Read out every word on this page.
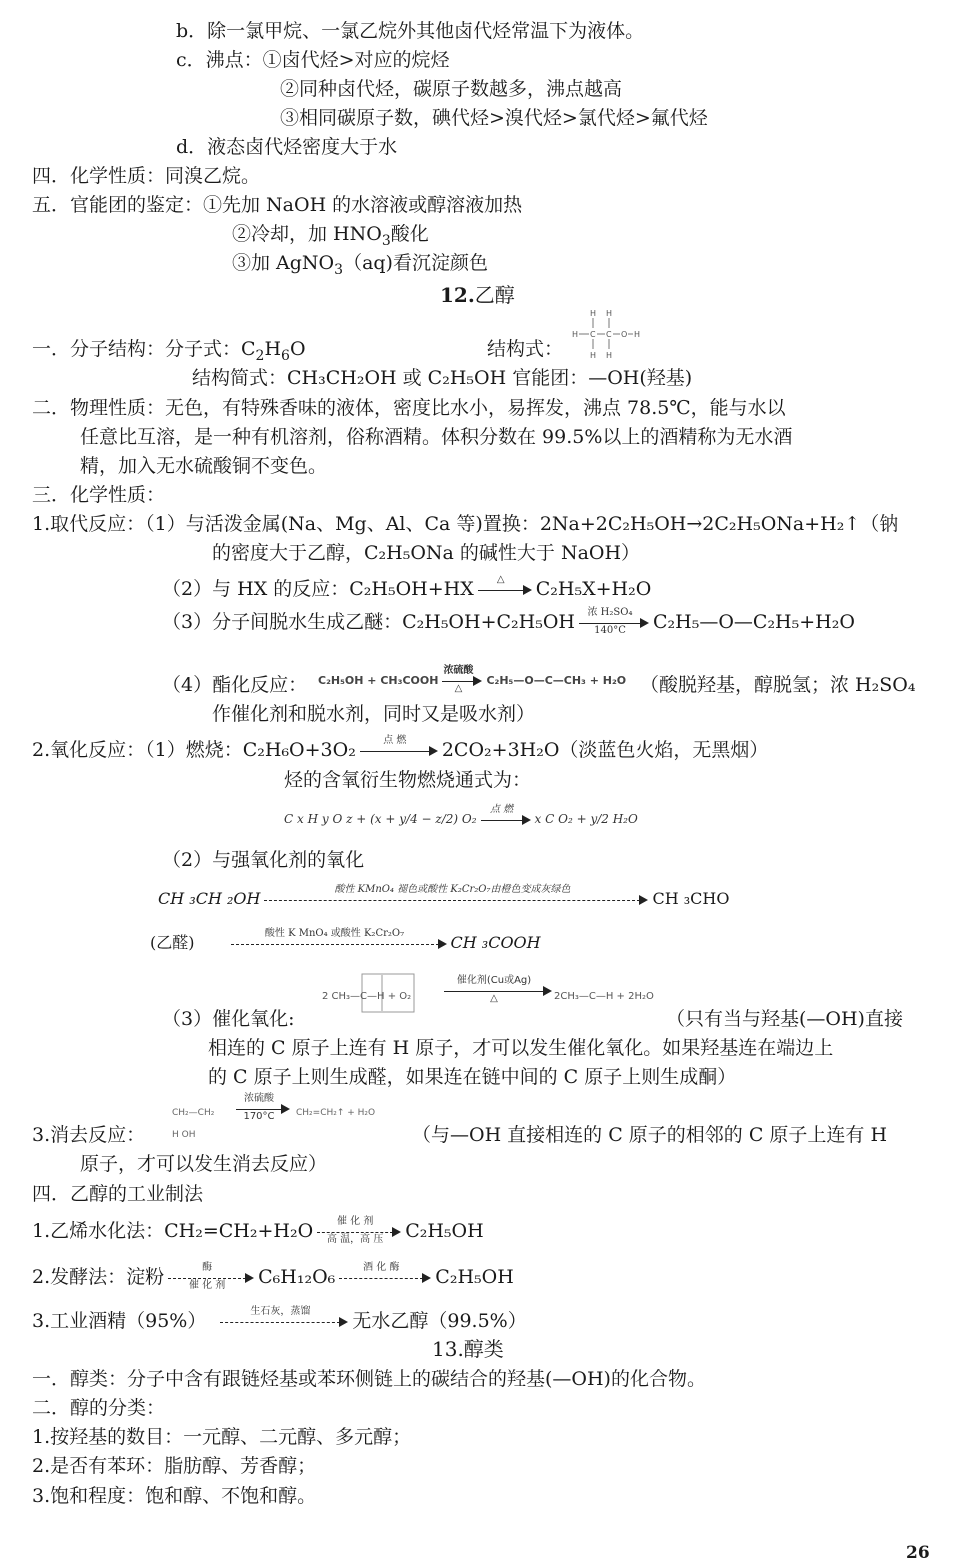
b．除一氯甲烷、一氯乙烷外其他卤代烃常温下为液体。
c．沸点：①卤代烃>对应的烷烃
②同种卤代烃，碳原子数越多，沸点越高
③相同碳原子数，碘代烃>溴代烃>氯代烃>氟代烃
d．液态卤代烃密度大于水
四．化学性质：同溴乙烷。
五．官能团的鉴定：①先加 NaOH 的水溶液或醇溶液加热
②冷却，加 $HNO_3$酸化
③加 AgNO$_3$（aq)看沉淀颜色
12.乙醇
一．分子结构：分子式：$C_2H_6O$	结构式：
H C C O H
H H
H H
结构简式：CH₃CH₂OH 或 C₂H₅OH 官能团：—OH(羟基)
二．物理性质：无色，有特殊香味的液体，密度比水小，易挥发，沸点 78.5℃，能与水以
任意比互溶，是一种有机溶剂，俗称酒精。体积分数在 99.5%以上的酒精称为无水酒
精，加入无水硫酸铜不变色。
三．化学性质：
1.取代反应：（1）与活泼金属(Na、Mg、Al、Ca 等)置换：2Na+2C₂H₅OH→2C₂H₅ONa+H₂↑（钠
的密度大于乙醇，C₂H₅ONa 的碱性大于 NaOH）
（2）与 HX 的反应：C₂H₅OH+HX	△	C₂H₅X+H₂O
（3）分子间脱水生成乙醚：C₂H₅OH+C₂H₅OH	浓 H₂SO₄
140°C	C₂H₅—O—C₂H₅+H₂O
（4）酯化反应： C₂H₅OH + CH₃COOH
浓硫酸
△
C₂H₅—O—C—CH₃ + H₂O （酸脱羟基，醇脱氢；浓 H₂SO₄
作催化剂和脱水剂，同时又是吸水剂）
2.氧化反应：（1）燃烧：C₂H₆O+3O₂	点 燃	2CO₂+3H₂O（淡蓝色火焰，无黑烟）
烃的含氧衍生物燃烧通式为：
C x H y O z + (x + y/4 − z/2) O₂
点 燃
x C O₂ + y/2 H₂O
（2）与强氧化剂的氧化
CH ₃CH ₂OH	酸性 KMnO₄ 褪色或酸性 K₂Cr₂O₇由橙色变成灰绿色	CH ₃CHO
(乙醛)	酸性 K MnO₄ 或酸性 K₂Cr₂O₇	CH ₃COOH
2 CH₃—C—H + O₂
催化剂(Cu或Ag)
△	2CH₃—C—H + 2H₂O
（3）催化氧化:	（只有当与羟基(—OH)直接
相连的 C 原子上连有 H 原子，才可以发生催化氧化。如果羟基连在端边上
的 C 原子上则生成醛，如果连在链中间的 C 原子上则生成酮）
3.消去反应：
CH₂—CH₂
H OH
浓硫酸
170°C	CH₂=CH₂↑ + H₂O
（与—OH 直接相连的 C 原子的相邻的 C 原子上连有 H
原子，才可以发生消去反应）
四．乙醇的工业制法
1.乙烯水化法：CH₂=CH₂+H₂O	催 化 剂
高 温，高 压	C₂H₅OH
2.发酵法：淀粉	酶
催 化 剂	C₆H₁₂O₆	酒 化 酶	C₂H₅OH
3.工业酒精（95%）	生石灰，蒸馏	无水乙醇（99.5%）
13.醇类
一．醇类：分子中含有跟链烃基或苯环侧链上的碳结合的羟基(—OH)的化合物。
二．醇的分类：
1.按羟基的数目：一元醇、二元醇、多元醇；
2.是否有苯环：脂肪醇、芳香醇；
3.饱和程度：饱和醇、不饱和醇。
26
